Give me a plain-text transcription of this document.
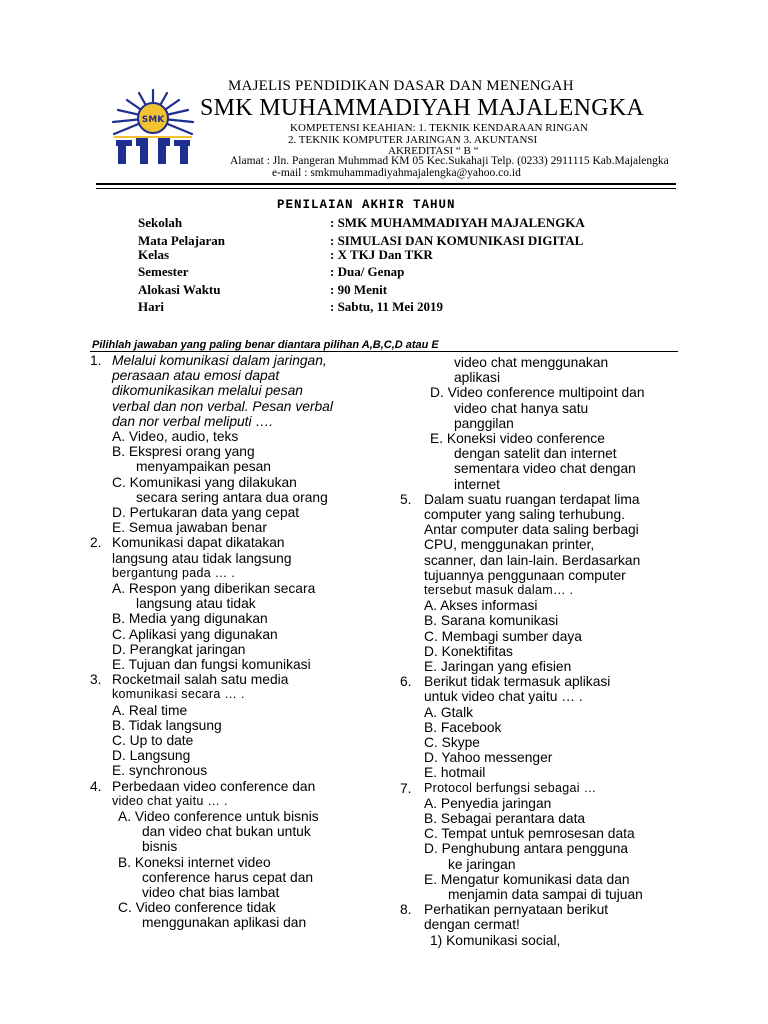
SMK
MAJELIS PENDIDIKAN DASAR DAN MENENGAH
SMK MUHAMMADIYAH MAJALENGKA
KOMPETENSI KEAHIAN: 1. TEKNIK KENDARAAN RINGAN
2. TEKNIK KOMPUTER JARINGAN 3. AKUNTANSI
AKREDITASI “ B “
Alamat : Jln. Pangeran Muhmmad KM 05 Kec.Sukahaji Telp. (0233) 2911115 Kab.Majalengka
e-mail : smkmuhammadiyahmajalengka@yahoo.co.id
PENILAIAN AKHIR TAHUN
Sekolah	: SMK MUHAMMADIYAH MAJALENGKA
Mata Pelajaran	: SIMULASI DAN KOMUNIKASI DIGITAL
Kelas	: X TKJ Dan TKR
Semester	: Dua/ Genap
Alokasi Waktu	: 90 Menit
Hari	: Sabtu, 11 Mei 2019
Pilihlah jawaban yang paling benar diantara pilihan A,B,C,D atau E
1. Melalui komunikasi dalam jaringan,
perasaan atau emosi dapat
dikomunikasikan melalui pesan
verbal dan non verbal. Pesan verbal
dan nor verbal meliputi ….
A. Video, audio, teks
B. Ekspresi orang yang
menyampaikan pesan
C. Komunikasi yang dilakukan
secara sering antara dua orang
D. Pertukaran data yang cepat
E. Semua jawaban benar
2. Komunikasi dapat dikatakan
langsung atau tidak langsung
bergantung pada … .
A. Respon yang diberikan secara
langsung atau tidak
B. Media yang digunakan
C. Aplikasi yang digunakan
D. Perangkat jaringan
E. Tujuan dan fungsi komunikasi
3. Rocketmail salah satu media
komunikasi secara … .
A. Real time
B. Tidak langsung
C. Up to date
D. Langsung
E. synchronous
4. Perbedaan video conference dan
video chat yaitu … .
A. Video conference untuk bisnis
dan video chat bukan untuk
bisnis
B. Koneksi internet video
conference harus cepat dan
video chat bias lambat
C. Video conference tidak
menggunakan aplikasi dan
video chat menggunakan
aplikasi
D. Video conference multipoint dan
video chat hanya satu
panggilan
E. Koneksi video conference
dengan satelit dan internet
sementara video chat dengan
internet
5. Dalam suatu ruangan terdapat lima
computer yang saling terhubung.
Antar computer data saling berbagi
CPU, menggunakan printer,
scanner, dan lain-lain. Berdasarkan
tujuannya penggunaan computer
tersebut masuk dalam… .
A. Akses informasi
B. Sarana komunikasi
C. Membagi sumber daya
D. Konektifitas
E. Jaringan yang efisien
6. Berikut tidak termasuk aplikasi
untuk video chat yaitu … .
A. Gtalk
B. Facebook
C. Skype
D. Yahoo messenger
E. hotmail
7. Protocol berfungsi sebagai …
A. Penyedia jaringan
B. Sebagai perantara data
C. Tempat untuk pemrosesan data
D. Penghubung antara pengguna
ke jaringan
E. Mengatur komunikasi data dan
menjamin data sampai di tujuan
8. Perhatikan pernyataan berikut
dengan cermat!
1) Komunikasi social,
